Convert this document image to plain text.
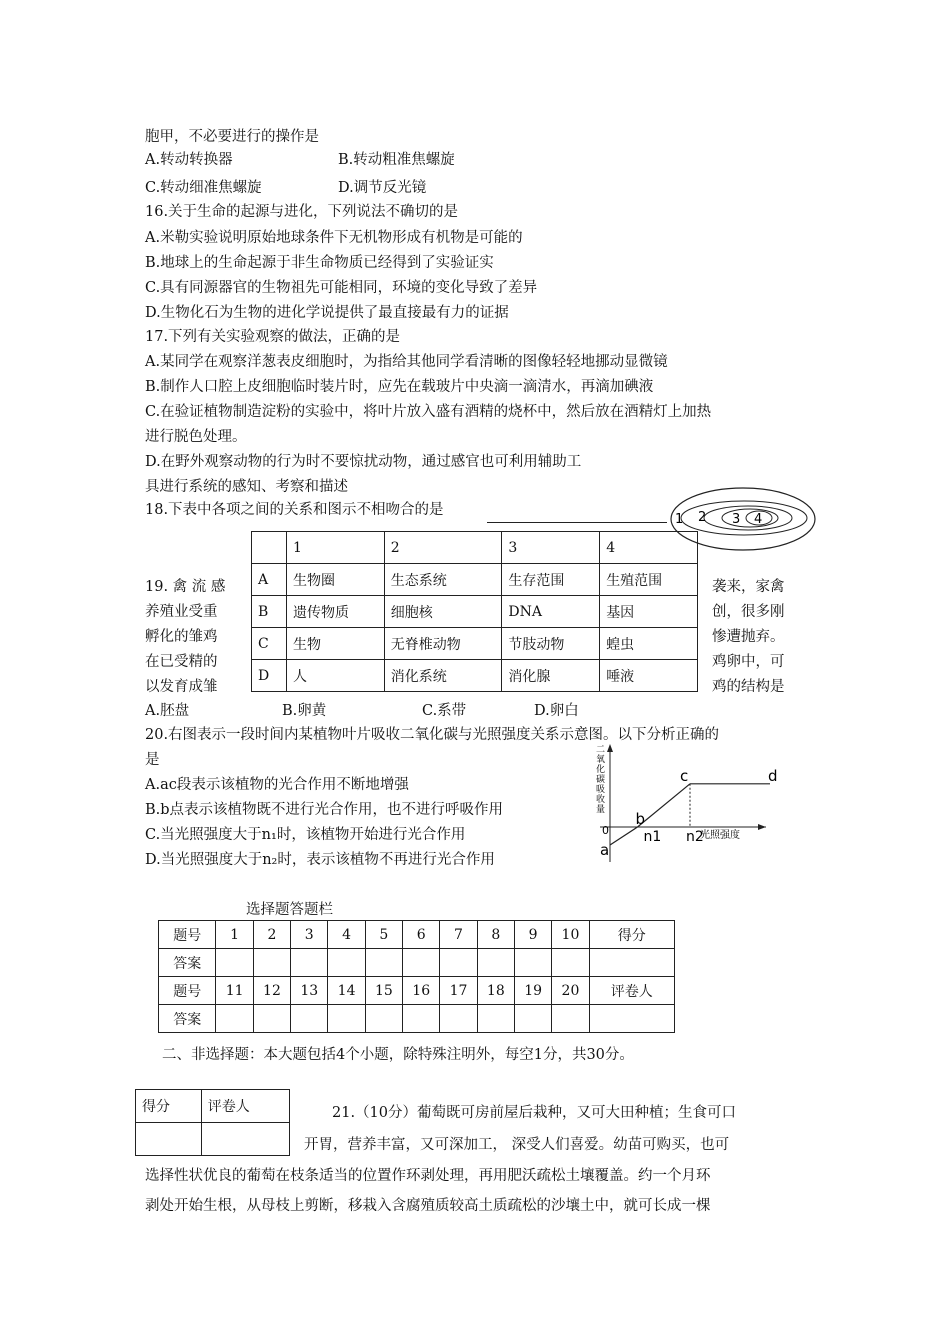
胞甲，不必要进行的操作是
A.转动转换器	B.转动粗准焦螺旋
C.转动细准焦螺旋	D.调节反光镜
16.关于生命的起源与进化，下列说法不确切的是
A.米勒实验说明原始地球条件下无机物形成有机物是可能的
B.地球上的生命起源于非生命物质已经得到了实验证实
C.具有同源器官的生物祖先可能相同，环境的变化导致了差异
D.生物化石为生物的进化学说提供了最直接最有力的证据
17.下列有关实验观察的做法，正确的是
A.某同学在观察洋葱表皮细胞时，为指给其他同学看清晰的图像轻轻地挪动显微镜
B.制作人口腔上皮细胞临时装片时，应先在载玻片中央滴一滴清水，再滴加碘液
C.在验证植物制造淀粉的实验中，将叶片放入盛有酒精的烧杯中，然后放在酒精灯上加热
进行脱色处理。
D.在野外观察动物的行为时不要惊扰动物，通过感官也可利用辅助工
具进行系统的感知、考察和描述
18.下表中各项之间的关系和图示不相吻合的是
1 2 3 4
	1	2	3	4
A	生物圈	生态系统	生存范围	生殖范围
B	遗传物质	细胞核	DNA	基因
C	生物	无脊椎动物	节肢动物	蝗虫
D	人	消化系统	消化腺	唾液
19. 禽 流 感
养殖业受重
孵化的雏鸡
在已受精的
以发育成雏
袭来，家禽
创，很多刚
惨遭抛弃。
鸡卵中，可
鸡的结构是
A.胚盘	B.卵黄	C.系带	D.卵白
20.右图表示一段时间内某植物叶片吸收二氧化碳与光照强度关系示意图。以下分析正确的
是
A.ac段表示该植物的光合作用不断地增强
B.b点表示该植物既不进行光合作用，也不进行呼吸作用
C.当光照强度大于n₁时，该植物开始进行光合作用
D.当光照强度大于n₂时，表示该植物不再进行光合作用
二氧化碳吸收量
光照强度
0
a
b
c	d
n1 n2
选择题答题栏
题号	1	2	3	4	5	6	7	8	9	10	得分
答案											
题号	11	12	13	14	15	16	17	18	19	20	评卷人
答案											
二、非选择题：本大题包括4个小题，除特殊注明外，每空1分，共30分。
得分	评卷人
		21.（10分）葡萄既可房前屋后栽种，又可大田种植；生食可口
开胃，营养丰富，又可深加工， 深受人们喜爱。幼苗可购买，也可
选择性状优良的葡萄在枝条适当的位置作环剥处理，再用肥沃疏松土壤覆盖。约一个月环
剥处开始生根，从母枝上剪断，移栽入含腐殖质较高土质疏松的沙壤土中，就可长成一棵
